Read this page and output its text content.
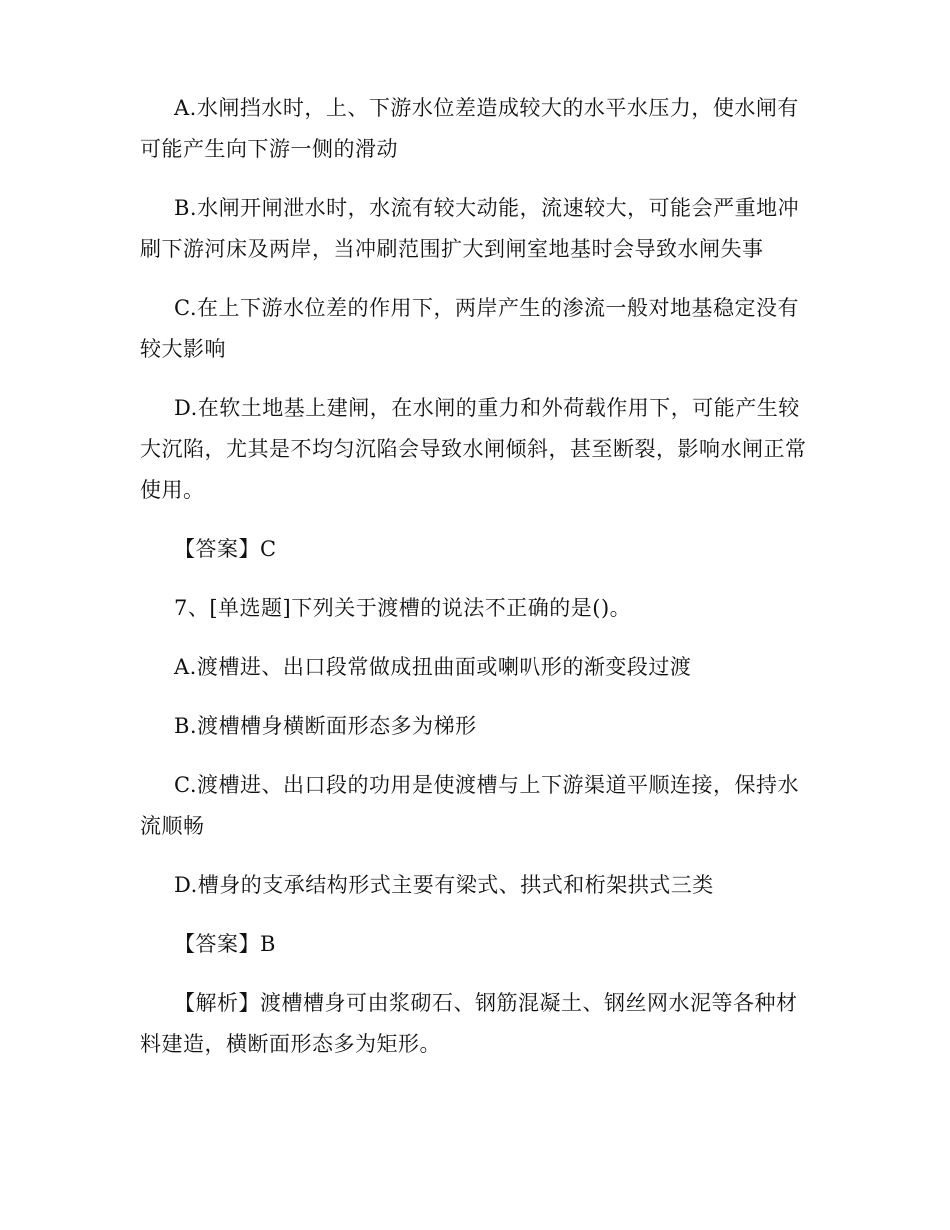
A.水闸挡水时，上、下游水位差造成较大的水平水压力，使水闸有可能产生向下游一侧的滑动

B.水闸开闸泄水时，水流有较大动能，流速较大，可能会严重地冲刷下游河床及两岸，当冲刷范围扩大到闸室地基时会导致水闸失事

C.在上下游水位差的作用下，两岸产生的渗流一般对地基稳定没有较大影响

D.在软土地基上建闸，在水闸的重力和外荷载作用下，可能产生较大沉陷，尤其是不均匀沉陷会导致水闸倾斜，甚至断裂，影响水闸正常使用。

【答案】C

7、[单选题]下列关于渡槽的说法不正确的是()。

A.渡槽进、出口段常做成扭曲面或喇叭形的渐变段过渡

B.渡槽槽身横断面形态多为梯形

C.渡槽进、出口段的功用是使渡槽与上下游渠道平顺连接，保持水流顺畅

D.槽身的支承结构形式主要有梁式、拱式和桁架拱式三类

【答案】B

【解析】渡槽槽身可由浆砌石、钢筋混凝土、钢丝网水泥等各种材料建造，横断面形态多为矩形。
